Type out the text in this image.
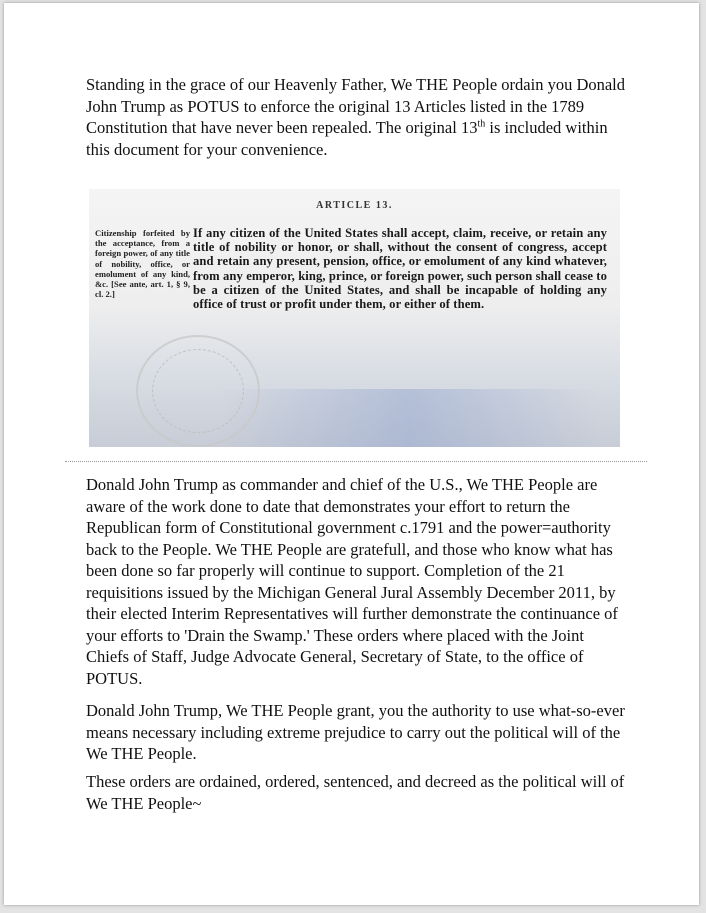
Standing in the grace of our Heavenly Father, We THE People ordain you Donald John Trump as POTUS to enforce the original 13 Articles listed in the 1789 Constitution that have never been repealed. The original 13th is included within this document for your convenience.

ARTICLE 13.
Citizenship forfeited by the acceptance, from a foreign power, of any title of nobility, office, or emolument of any kind, &c. [See ante, art. 1, § 9, cl. 2.]
If any citizen of the United States shall accept, claim, receive, or retain any title of nobility or honor, or shall, without the consent of congress, accept and retain any present, pension, office, or emolument of any kind whatever, from any emperor, king, prince, or foreign power, such person shall cease to be a citizen of the United States, and shall be incapable of holding any office of trust or profit under them, or either of them.

Donald John Trump as commander and chief of the U.S., We THE People are aware of the work done to date that demonstrates your effort to return the Republican form of Constitutional government c.1791 and the power=authority back to the People. We THE People are gratefull, and those who know what has been done so far properly will continue to support. Completion of the 21 requisitions issued by the Michigan General Jural Assembly December 2011, by their elected Interim Representatives will further demonstrate the continuance of your efforts to 'Drain the Swamp.' These orders where placed with the Joint Chiefs of Staff, Judge Advocate General, Secretary of State, to the office of POTUS.

Donald John Trump, We THE People grant, you the authority to use what-so-ever means necessary including extreme prejudice to carry out the political will of the We THE People.

These orders are ordained, ordered, sentenced, and decreed as the political will of We THE People~
